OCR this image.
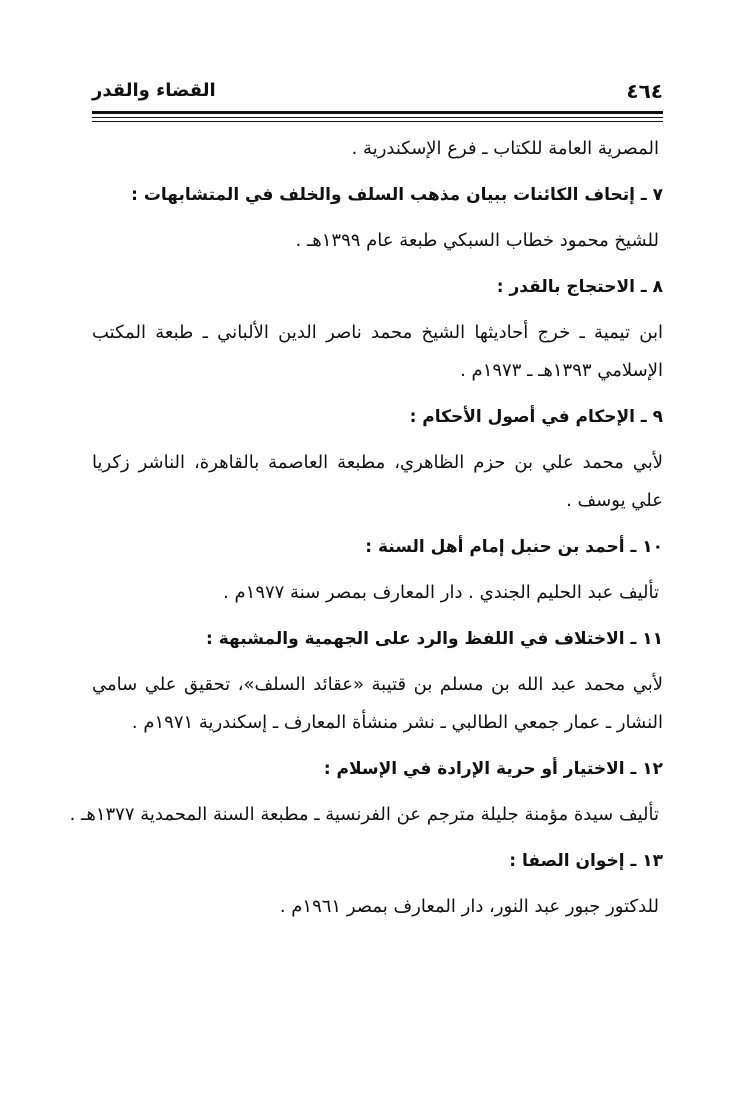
٤٦٤
القضاء والقدر
المصرية العامة للكتاب ـ فرع الإسكندرية .
٧ ـ إتحاف الكائنات ببيان مذهب السلف والخلف في المتشابهات :
للشيخ محمود خطاب السبكي طبعة عام ١٣٩٩هـ .
٨ ـ الاحتجاج بالقدر :
ابن تيمية ـ خرج أحاديثها الشيخ محمد ناصر الدين الألباني ـ طبعة المكتب
الإسلامي ١٣٩٣هـ ـ ١٩٧٣م .
٩ ـ الإحكام في أصول الأحكام :
لأبي محمد علي بن حزم الظاهري، مطبعة العاصمة بالقاهرة، الناشر زكريا
علي يوسف .
١٠ ـ أحمد بن حنبل إمام أهل السنة :
تأليف عبد الحليم الجندي . دار المعارف بمصر سنة ١٩٧٧م .
١١ ـ الاختلاف في اللفظ والرد على الجهمية والمشبهة :
لأبي محمد عبد الله بن مسلم بن قتيبة «عقائد السلف»، تحقيق علي سامي
النشار ـ عمار جمعي الطالبي ـ نشر منشأة المعارف ـ إسكندرية ١٩٧١م .
١٢ ـ الاختيار أو حرية الإرادة في الإسلام :
تأليف سيدة مؤمنة جليلة مترجم عن الفرنسية ـ مطبعة السنة المحمدية ١٣٧٧هـ .
١٣ ـ إخوان الصفا :
للدكتور جبور عبد النور، دار المعارف بمصر ١٩٦١م .
